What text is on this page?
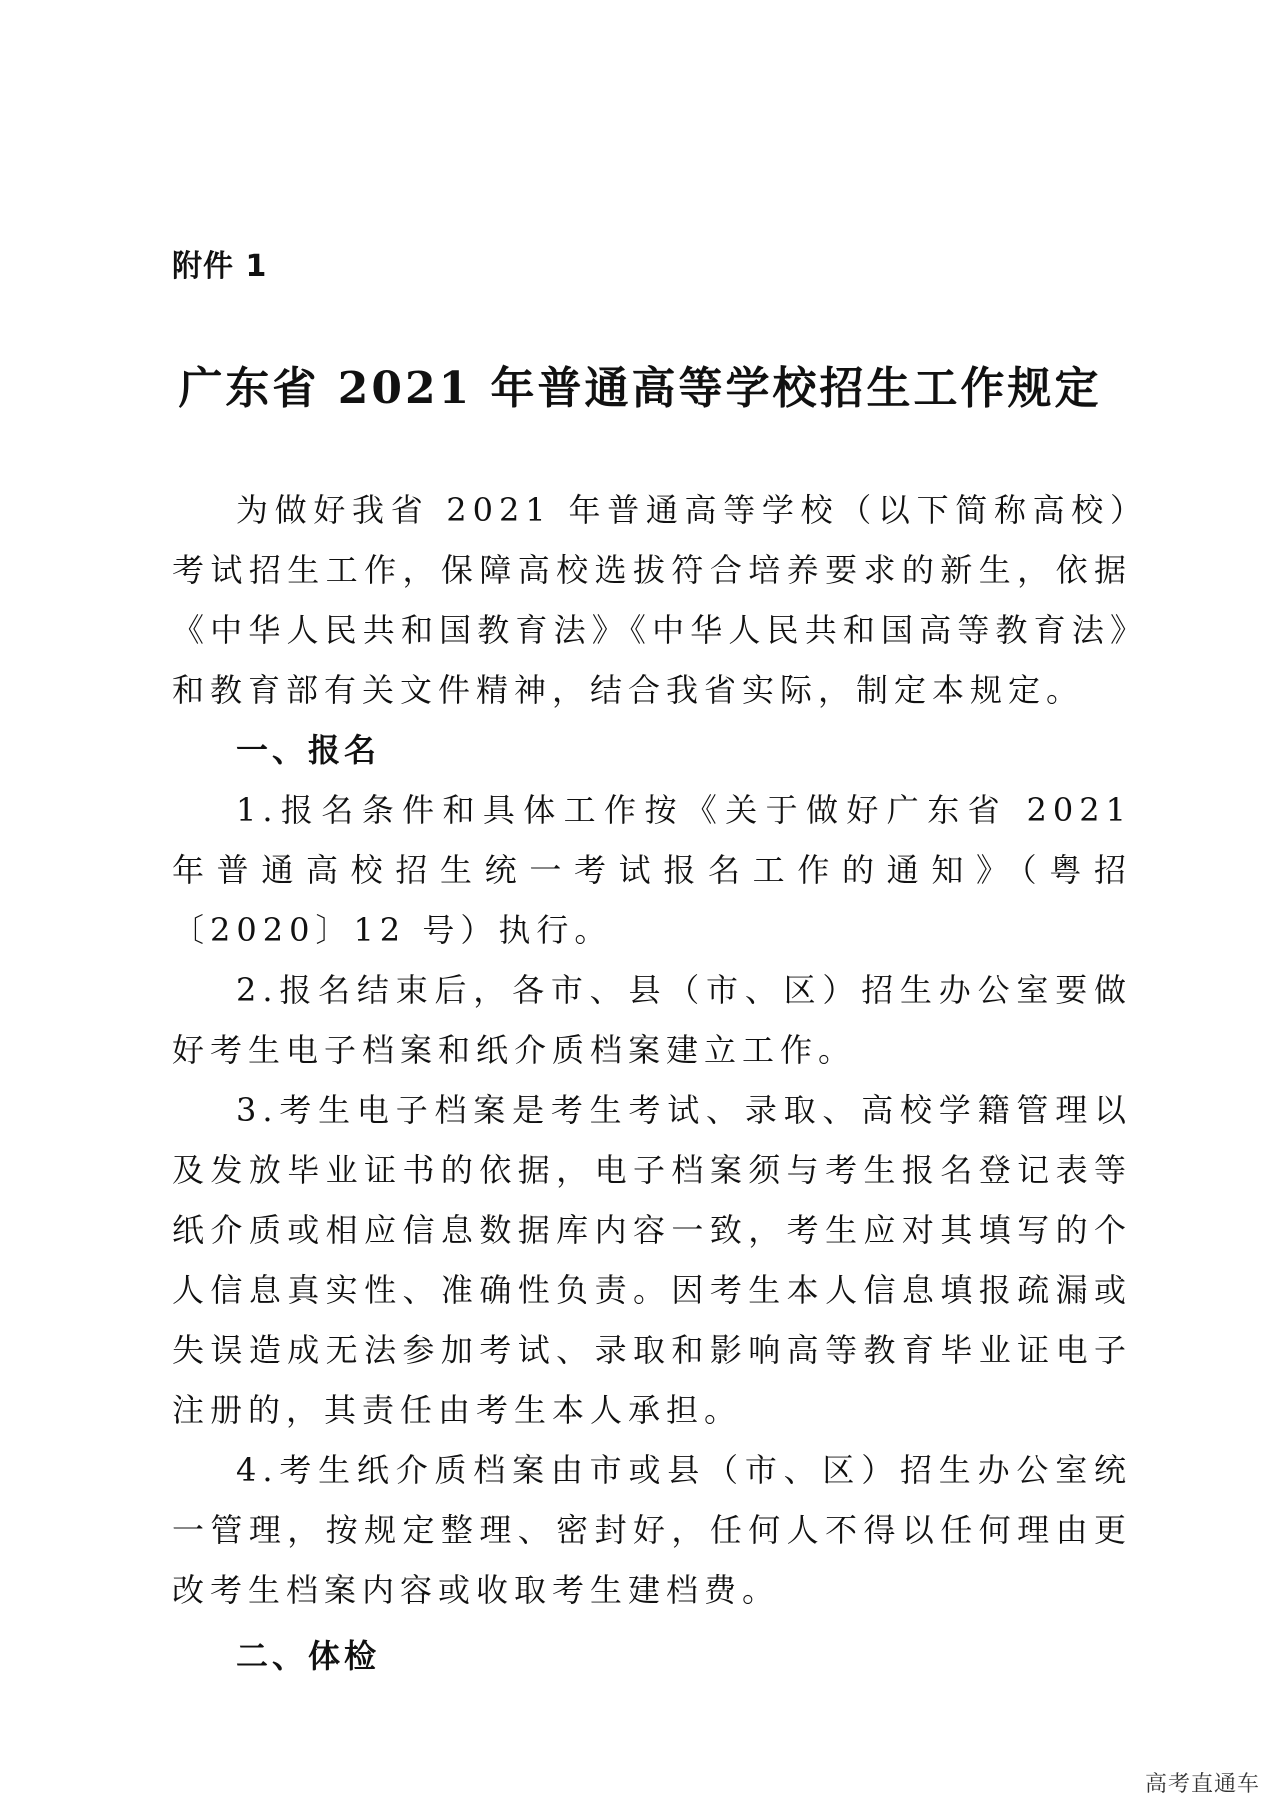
附件 1
广东省 2021 年普通高等学校招生工作规定

为做好我省 2021 年普通高等学校（以下简称高校）考试招生工作，保障高校选拔符合培养要求的新生，依据《中华人民共和国教育法》《中华人民共和国高等教育法》和教育部有关文件精神，结合我省实际，制定本规定。

一、报名

1.报名条件和具体工作按《关于做好广东省 2021 年普通高校招生统一考试报名工作的通知》（粤招〔2020〕12 号）执行。

2.报名结束后，各市、县（市、区）招生办公室要做好考生电子档案和纸介质档案建立工作。

3.考生电子档案是考生考试、录取、高校学籍管理以及发放毕业证书的依据，电子档案须与考生报名登记表等纸介质或相应信息数据库内容一致，考生应对其填写的个人信息真实性、准确性负责。因考生本人信息填报疏漏或失误造成无法参加考试、录取和影响高等教育毕业证电子注册的，其责任由考生本人承担。

4.考生纸介质档案由市或县（市、区）招生办公室统一管理，按规定整理、密封好，任何人不得以任何理由更改考生档案内容或收取考生建档费。

二、体检

高考直通车
